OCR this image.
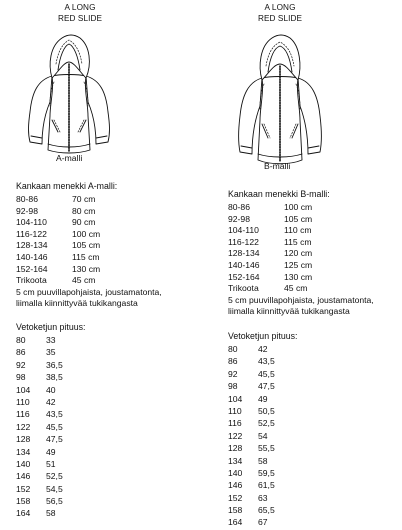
A LONG
RED SLIDE
A-malli
Kankaan menekki A-malli:
80-86	70 cm
92-98	80 cm
104-110	90 cm
116-122	100 cm
128-134	105 cm
140-146	115 cm
152-164	130 cm
Trikoota	45 cm
5 cm puuvillapohjaista, joustamatonta,
liimalla kiinnittyvää tukikangasta
Vetoketjun pituus:
80 33
86 35
92 36,5
98 38,5
104 40
110 42
116 43,5
122 45,5
128 47,5
134 49
140 51
146 52,5
152 54,5
158 56,5
164 58
A LONG
RED SLIDE
B-malli
Kankaan menekki B-malli:
80-86	100 cm
92-98	105 cm
104-110	110 cm
116-122	115 cm
128-134	120 cm
140-146	125 cm
152-164	130 cm
Trikoota	45 cm
5 cm puuvillapohjaista, joustamatonta,
liimalla kiinnittyvää tukikangasta
Vetoketjun pituus:
80 42
86 43,5
92 45,5
98 47,5
104 49
110 50,5
116 52,5
122 54
128 55,5
134 58
140 59,5
146 61,5
152 63
158 65,5
164 67
